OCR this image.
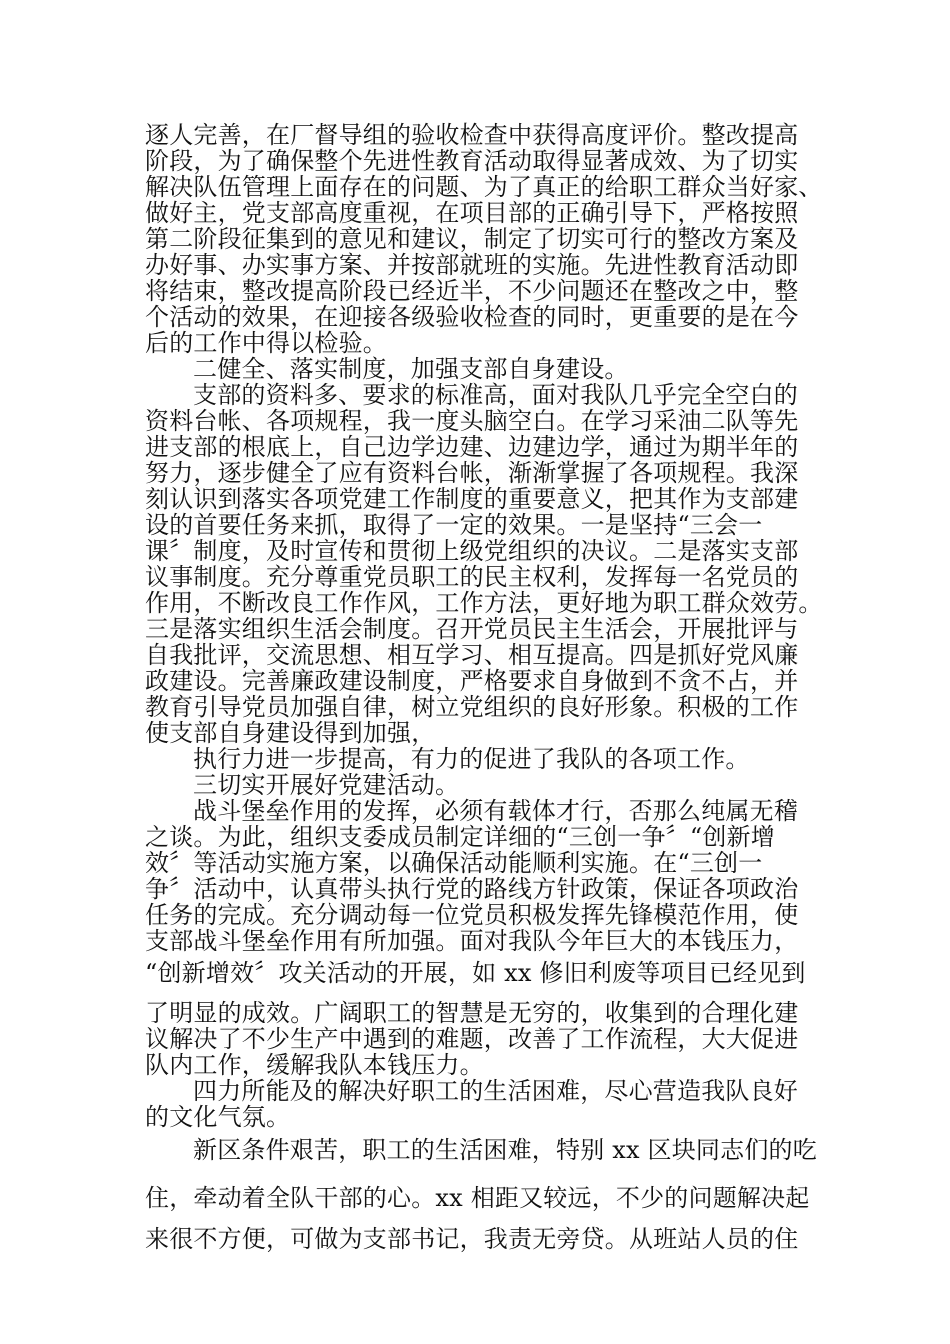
逐人完善，在厂督导组的验收检查中获得高度评价。整改提高
阶段，为了确保整个先进性教育活动取得显著成效、为了切实
解决队伍管理上面存在的问题、为了真正的给职工群众当好家、
做好主，党支部高度重视，在项目部的正确引导下，严格按照
第二阶段征集到的意见和建议，制定了切实可行的整改方案及
办好事、办实事方案、并按部就班的实施。先进性教育活动即
将结束，整改提高阶段已经近半，不少问题还在整改之中，整
个活动的效果，在迎接各级验收检查的同时，更重要的是在今
后的工作中得以检验。
二健全、落实制度，加强支部自身建设。
支部的资料多、要求的标准高，面对我队几乎完全空白的
资料台帐、各项规程，我一度头脑空白。在学习采油二队等先
进支部的根底上，自己边学边建、边建边学，通过为期半年的
努力，逐步健全了应有资料台帐，渐渐掌握了各项规程。我深
刻认识到落实各项党建工作制度的重要意义，把其作为支部建
设的首要任务来抓，取得了一定的效果。一是坚持“三会一
课〞制度，及时宣传和贯彻上级党组织的决议。二是落实支部
议事制度。充分尊重党员职工的民主权利，发挥每一名党员的
作用，不断改良工作作风，工作方法，更好地为职工群众效劳。
三是落实组织生活会制度。召开党员民主生活会，开展批评与
自我批评，交流思想、相互学习、相互提高。四是抓好党风廉
政建设。完善廉政建设制度，严格要求自身做到不贪不占，并
教育引导党员加强自律，树立党组织的良好形象。积极的工作
使支部自身建设得到加强，
执行力进一步提高，有力的促进了我队的各项工作。
三切实开展好党建活动。
战斗堡垒作用的发挥，必须有载体才行，否那么纯属无稽
之谈。为此，组织支委成员制定详细的“三创一争〞“创新增
效〞等活动实施方案，以确保活动能顺利实施。在“三创一
争〞活动中，认真带头执行党的路线方针政策，保证各项政治
任务的完成。充分调动每一位党员积极发挥先锋模范作用，使
支部战斗堡垒作用有所加强。面对我队今年巨大的本钱压力，
“创新增效〞攻关活动的开展，如 xx 修旧利废等项目已经见到
了明显的成效。广阔职工的智慧是无穷的，收集到的合理化建
议解决了不少生产中遇到的难题，改善了工作流程，大大促进
队内工作，缓解我队本钱压力。
四力所能及的解决好职工的生活困难，尽心营造我队良好
的文化气氛。
新区条件艰苦，职工的生活困难，特别 xx 区块同志们的吃
住，牵动着全队干部的心。xx 相距又较远，不少的问题解决起
来很不方便，可做为支部书记，我责无旁贷。从班站人员的住
